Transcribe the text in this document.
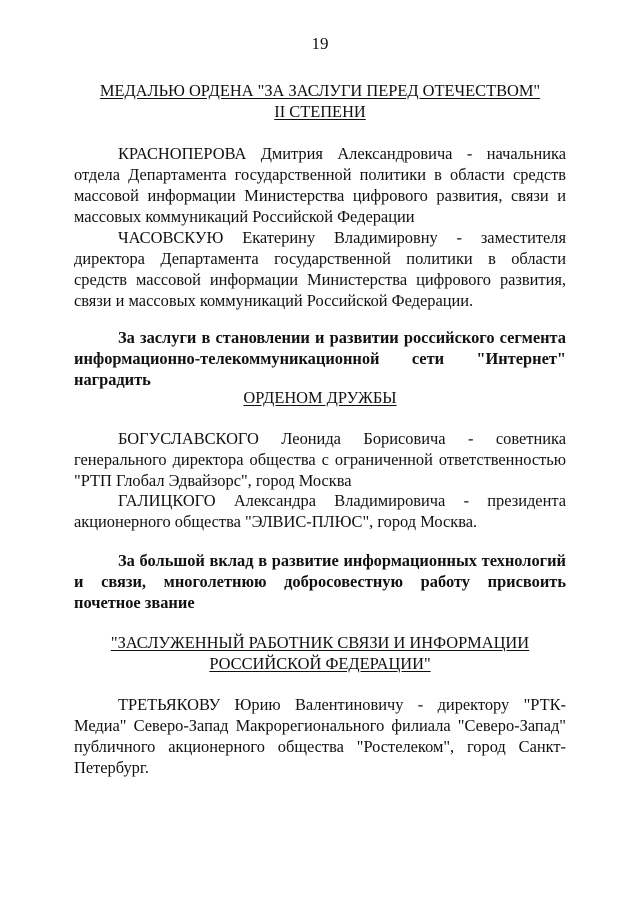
19
МЕДАЛЬЮ ОРДЕНА "ЗА ЗАСЛУГИ ПЕРЕД ОТЕЧЕСТВОМ"
II СТЕПЕНИ
КРАСНОПЕРОВА Дмитрия Александровича - начальника отдела Департамента государственной политики в области средств массовой информации Министерства цифрового развития, связи и массовых коммуникаций Российской Федерации
ЧАСОВСКУЮ Екатерину Владимировну - заместителя директора Департамента государственной политики в области средств массовой информации Министерства цифрового развития, связи и массовых коммуникаций Российской Федерации.
За заслуги в становлении и развитии российского сегмента информационно-телекоммуникационной сети "Интернет" наградить
ОРДЕНОМ ДРУЖБЫ
БОГУСЛАВСКОГО Леонида Борисовича - советника генерального директора общества с ограниченной ответственностью "РТП Глобал Эдвайзорс", город Москва
ГАЛИЦКОГО Александра Владимировича - президента акционерного общества "ЭЛВИС-ПЛЮС", город Москва.
За большой вклад в развитие информационных технологий и связи, многолетнюю добросовестную работу присвоить почетное звание
"ЗАСЛУЖЕННЫЙ РАБОТНИК СВЯЗИ И ИНФОРМАЦИИ
РОССИЙСКОЙ ФЕДЕРАЦИИ"
ТРЕТЬЯКОВУ Юрию Валентиновичу - директору "РТК-Медиа" Северо-Запад Макрорегионального филиала "Северо-Запад" публичного акционерного общества "Ростелеком", город Санкт-Петербург.
